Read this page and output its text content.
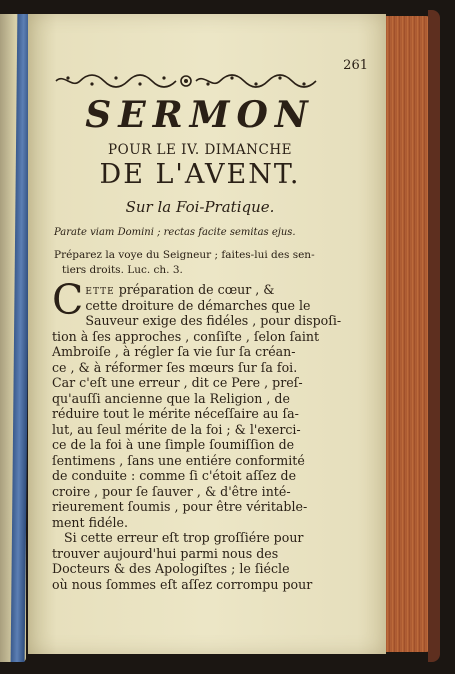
261
SERMON
POUR LE IV. DIMANCHE
DE L'AVENT.
Sur la Foi-Pratique.
Parate viam Domini ; rectas facite semitas ejus.
Préparez la voye du Seigneur ; faites-lui des sen-
tiers droits. Luc. ch. 3.

C ette préparation de cœur , &
cette droiture de démarches que le
Sauveur exige des fidéles , pour dispoſi-
tion à ſes approches , conſiſte , ſelon ſaint
Ambroiſe , à régler ſa vie ſur ſa créan-
ce , & à réformer ſes mœurs ſur ſa foi.
Car c'eſt une erreur , dit ce Pere , preſ-
qu'auſſi ancienne que la Religion , de
réduire tout le mérite néceſſaire au ſa-
lut, au ſeul mérite de la foi ; & l'exerci-
ce de la foi à une ſimple ſoumiſſion de
ſentimens , ſans une entiére conformité
de conduite : comme ſi c'étoit aſſez de
croire , pour ſe ſauver , & d'être inté-
rieurement ſoumis , pour être véritable-
ment fidéle.

Si cette erreur eſt trop groſſiére pour
trouver aujourd'hui parmi nous des
Docteurs & des Apologiſtes ; le ſiécle
où nous ſommes eſt aſſez corrompu pour
